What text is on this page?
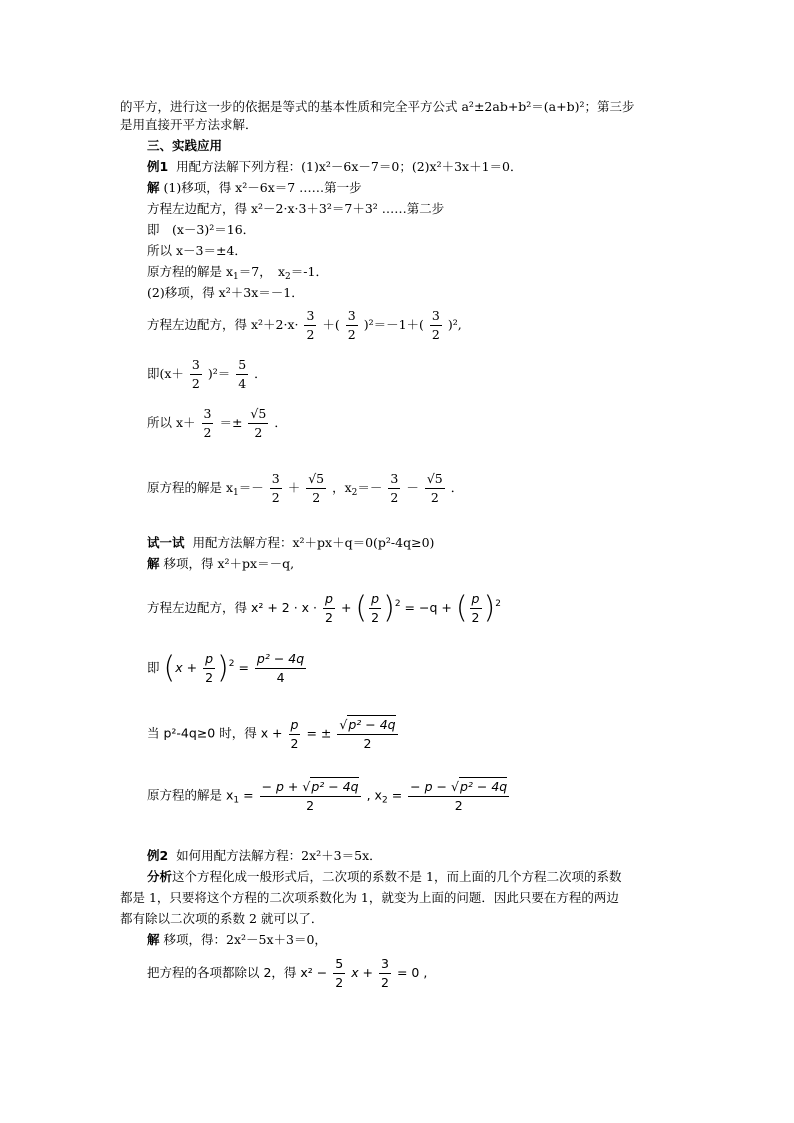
的平方，进行这一步的依据是等式的基本性质和完全平方公式 a²±2ab+b²＝(a+b)²；第三步
是用直接开平方法求解．
三、实践应用
例1 用配方法解下列方程：(1)x²－6x－7＝0；(2)x²＋3x＋1＝0．
解 (1)移项，得 x²－6x＝7 ……第一步
方程左边配方，得 x²－2·x·3＋3²＝7＋3² ……第二步
即　(x－3)²＝16．
所以 x－3＝±4．
原方程的解是 $x_1=7$，　$x_2=-1$．
(2)移项，得 x²＋3x＝－1．
方程左边配方，得 $x^2+2\cdot x\cdot \frac{3}{2}$ ＋( $\frac{3}{2} )^2=-1+( \frac{3}{2} )^2$,
即$(x+ \frac{3}{2} )^2= \frac{5}{4}$ ．
所以 $x+ \frac{3}{2} =\pm \frac{√5}{2}$ ．
原方程的解是 $x_1=- \frac{3}{2} + \frac{√5}{2}$ ，$x_2=- \frac{3}{2} - \frac{√5}{2}$ ．
试一试 用配方法解方程：x²＋px＋q＝0(p²-4q≥0)
解 移项，得 x²＋px＝－q,
方程左边配方，得 $x^2 + 2 \cdot x \cdot \frac{p}{2}$ + ( $\frac{p}{2} )^2 = -q$ + ( $\frac{p}{2} )^2$
即 $(x + \frac{p}{2} )^2 = \frac{\text{p² − 4q}}{4}$
当 p²-4q≥0 时，得 $x + \frac{p}{2}$ = ± $\frac{\text{√p² − 4q}}{2}$
原方程的解是 $x_1 = \frac{\text{− p + √p² − 4q}}{2}$ , $x_2 = \frac{\text{− p − √p² − 4q}}{2}$
例2 如何用配方法解方程：2x²＋3＝5x．
分析这个方程化成一般形式后，二次项的系数不是 1，而上面的几个方程二次项的系数
都是 1，只要将这个方程的二次项系数化为 1，就变为上面的问题．因此只要在方程的两边
都有除以二次项的系数 2 就可以了．
解 移项，得：2x²－5x＋3＝0，
把方程的各项都除以 2，得 $x^2 - \frac{5}{2}$ $x + \frac{3}{2} = 0$ ,
